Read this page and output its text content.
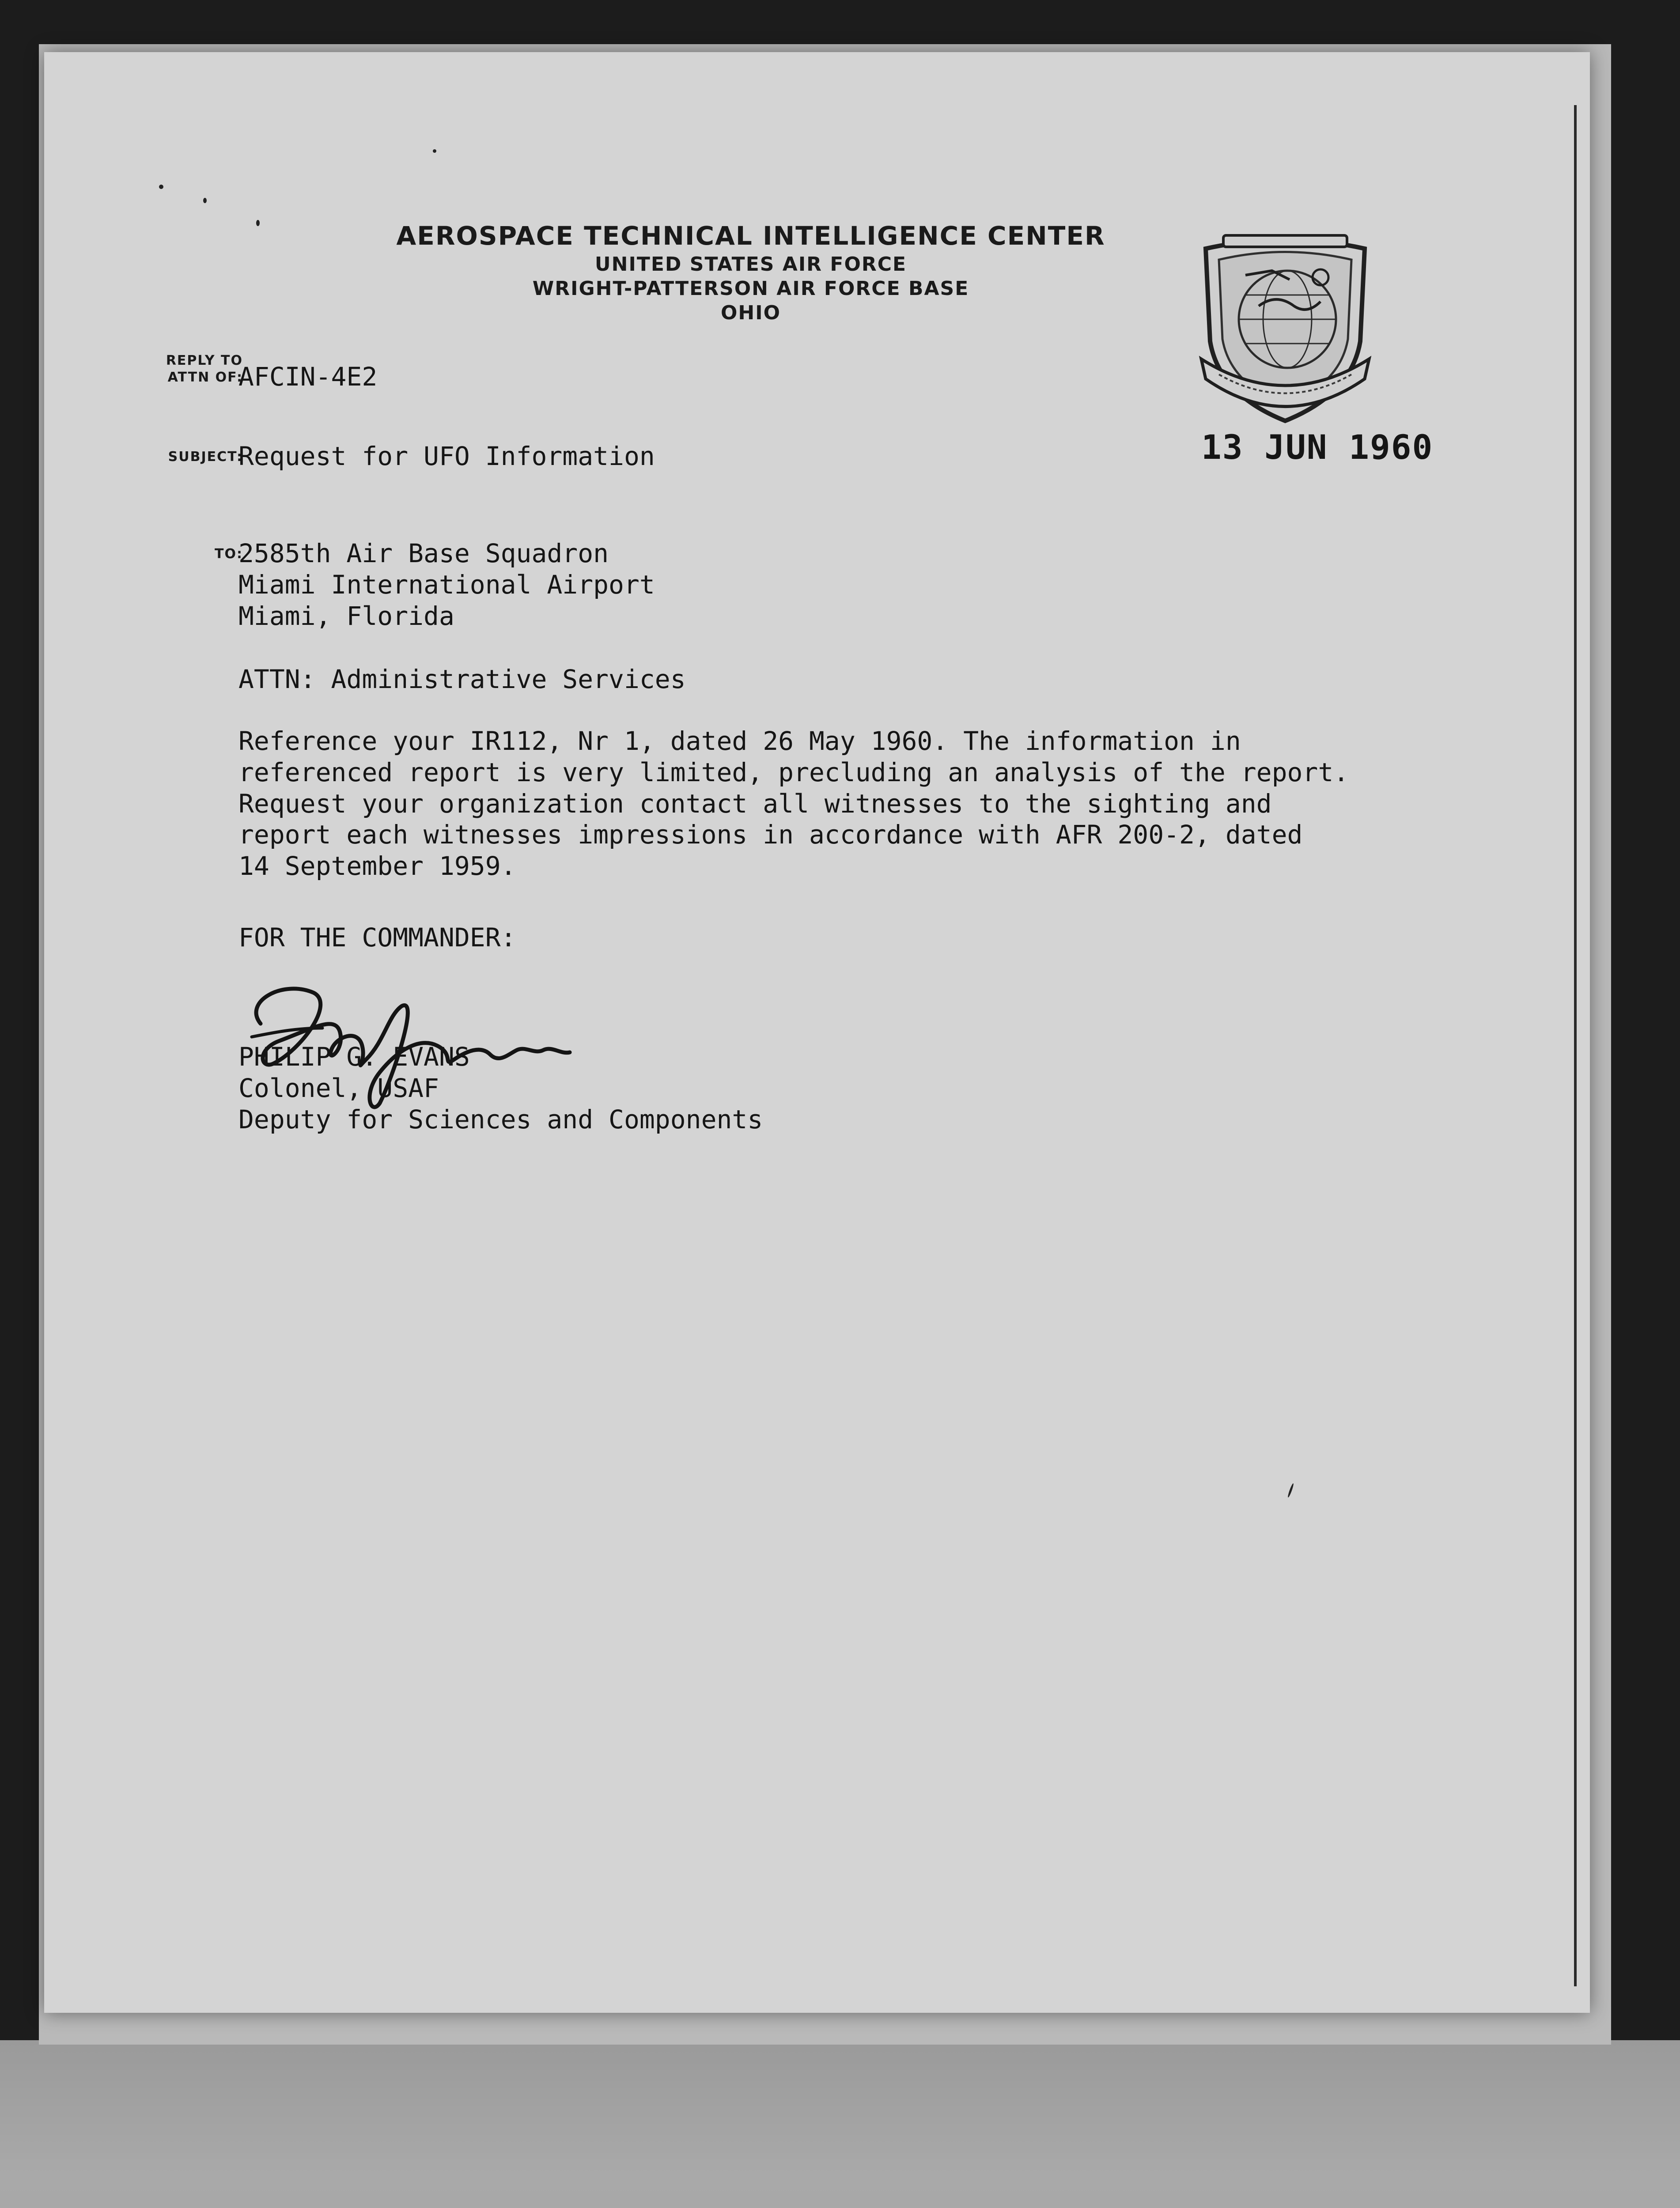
AEROSPACE TECHNICAL INTELLIGENCE CENTER
UNITED STATES AIR FORCE
WRIGHT-PATTERSON AIR FORCE BASE
OHIO
13 JUN 1960
REPLY TO
ATTN OF:
AFCIN-4E2
SUBJECT:
Request for UFO Information
TO:
2585th Air Base Squadron
Miami International Airport
Miami, Florida
ATTN: Administrative Services
Reference your IR112, Nr 1, dated 26 May 1960. The information in
referenced report is very limited, precluding an analysis of the report.
Request your organization contact all witnesses to the sighting and
report each witnesses impressions in accordance with AFR 200-2, dated
14 September 1959.
FOR THE COMMANDER:
PHILIP G. EVANS
Colonel, USAF
Deputy for Sciences and Components
